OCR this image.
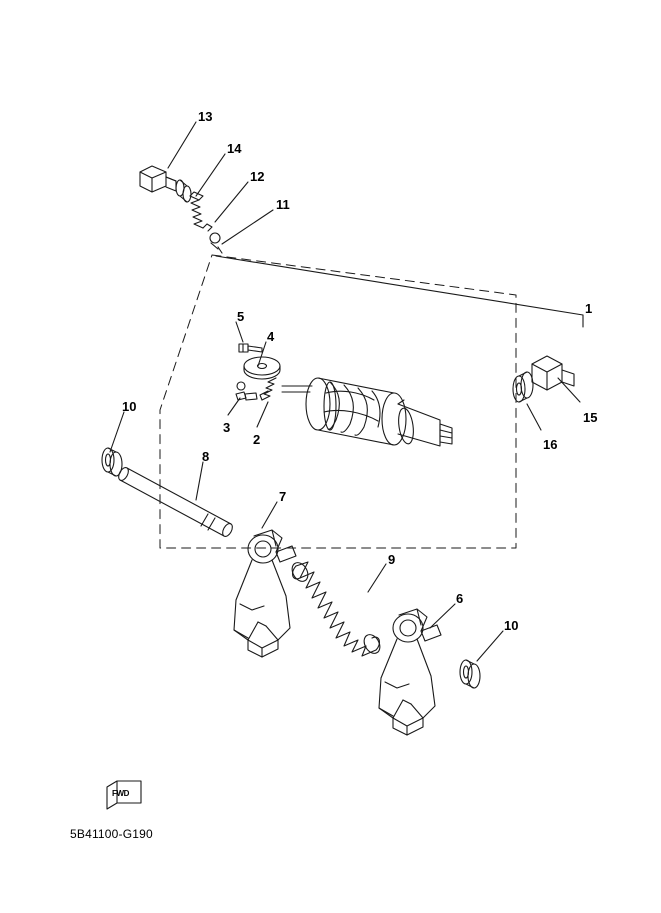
FWD
13
14
12
11
1
5
4
3
2
15
16
10
8
7
9
6
10
5B41100-G190
